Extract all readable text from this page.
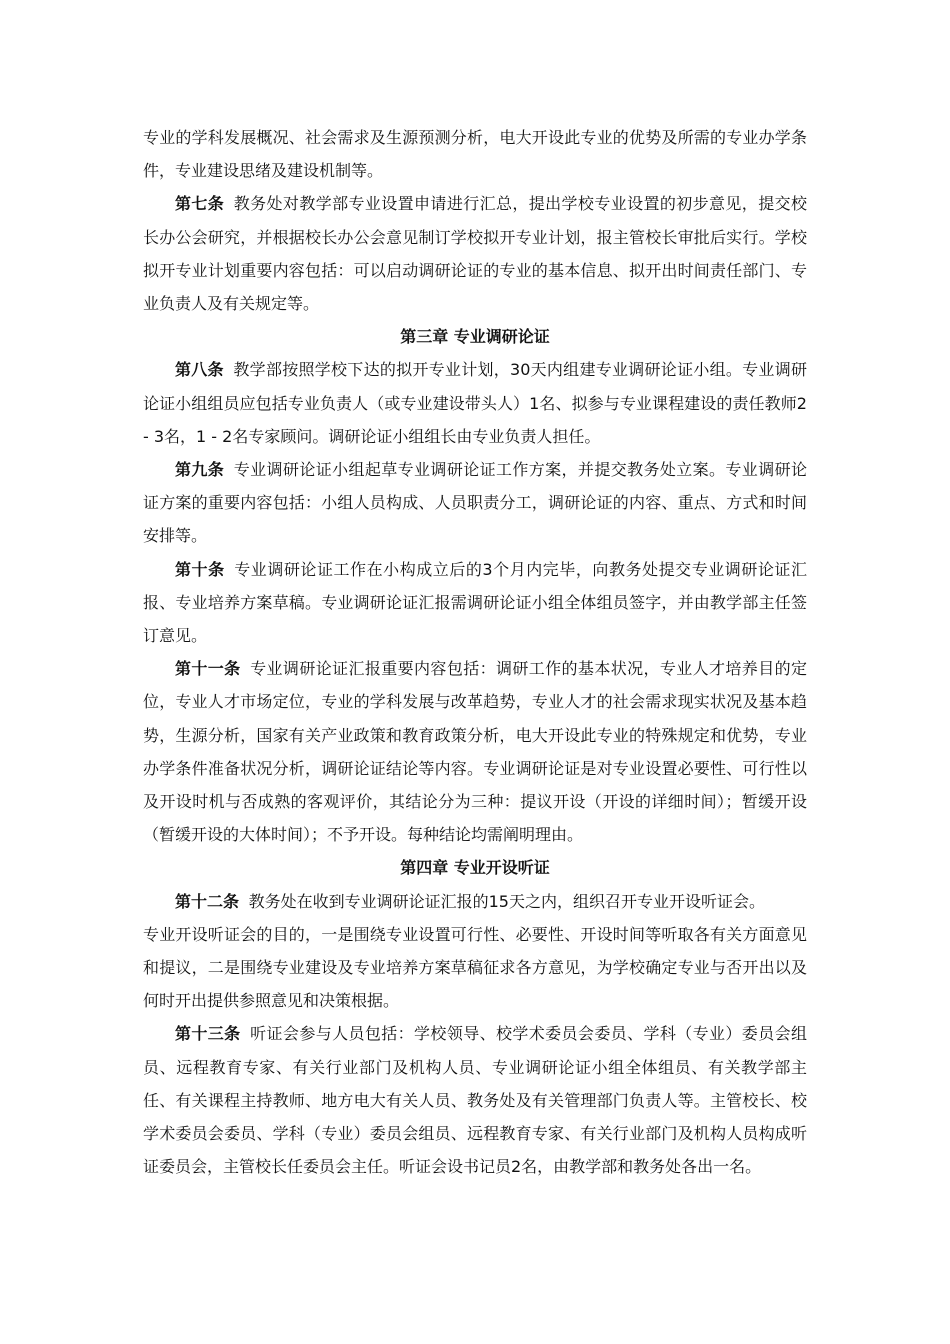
专业的学科发展概况、社会需求及生源预测分析，电大开设此专业的优势及所需的专业办学条件，专业建设思绪及建设机制等。

第七条 教务处对教学部专业设置申请进行汇总，提出学校专业设置的初步意见，提交校长办公会研究，并根据校长办公会意见制订学校拟开专业计划，报主管校长审批后实行。学校拟开专业计划重要内容包括：可以启动调研论证的专业的基本信息、拟开出时间责任部门、专业负责人及有关规定等。

第三章 专业调研论证

第八条 教学部按照学校下达的拟开专业计划，30天内组建专业调研论证小组。专业调研论证小组组员应包括专业负责人（或专业建设带头人）1名、拟参与专业课程建设的责任教师2 - 3名，1 - 2名专家顾问。调研论证小组组长由专业负责人担任。

第九条 专业调研论证小组起草专业调研论证工作方案，并提交教务处立案。专业调研论证方案的重要内容包括：小组人员构成、人员职责分工，调研论证的内容、重点、方式和时间安排等。

第十条 专业调研论证工作在小构成立后的3个月内完毕，向教务处提交专业调研论证汇报、专业培养方案草稿。专业调研论证汇报需调研论证小组全体组员签字，并由教学部主任签订意见。

第十一条 专业调研论证汇报重要内容包括：调研工作的基本状况，专业人才培养目的定位，专业人才市场定位，专业的学科发展与改革趋势，专业人才的社会需求现实状况及基本趋势，生源分析，国家有关产业政策和教育政策分析，电大开设此专业的特殊规定和优势，专业办学条件准备状况分析，调研论证结论等内容。专业调研论证是对专业设置必要性、可行性以及开设时机与否成熟的客观评价，其结论分为三种：提议开设（开设的详细时间）；暂缓开设（暂缓开设的大体时间）；不予开设。每种结论均需阐明理由。

第四章 专业开设听证

第十二条 教务处在收到专业调研论证汇报的15天之内，组织召开专业开设听证会。

专业开设听证会的目的，一是围绕专业设置可行性、必要性、开设时间等听取各有关方面意见和提议，二是围绕专业建设及专业培养方案草稿征求各方意见，为学校确定专业与否开出以及何时开出提供参照意见和决策根据。

第十三条 听证会参与人员包括：学校领导、校学术委员会委员、学科（专业）委员会组员、远程教育专家、有关行业部门及机构人员、专业调研论证小组全体组员、有关教学部主任、有关课程主持教师、地方电大有关人员、教务处及有关管理部门负责人等。主管校长、校学术委员会委员、学科（专业）委员会组员、远程教育专家、有关行业部门及机构人员构成听证委员会，主管校长任委员会主任。听证会设书记员2名，由教学部和教务处各出一名。
